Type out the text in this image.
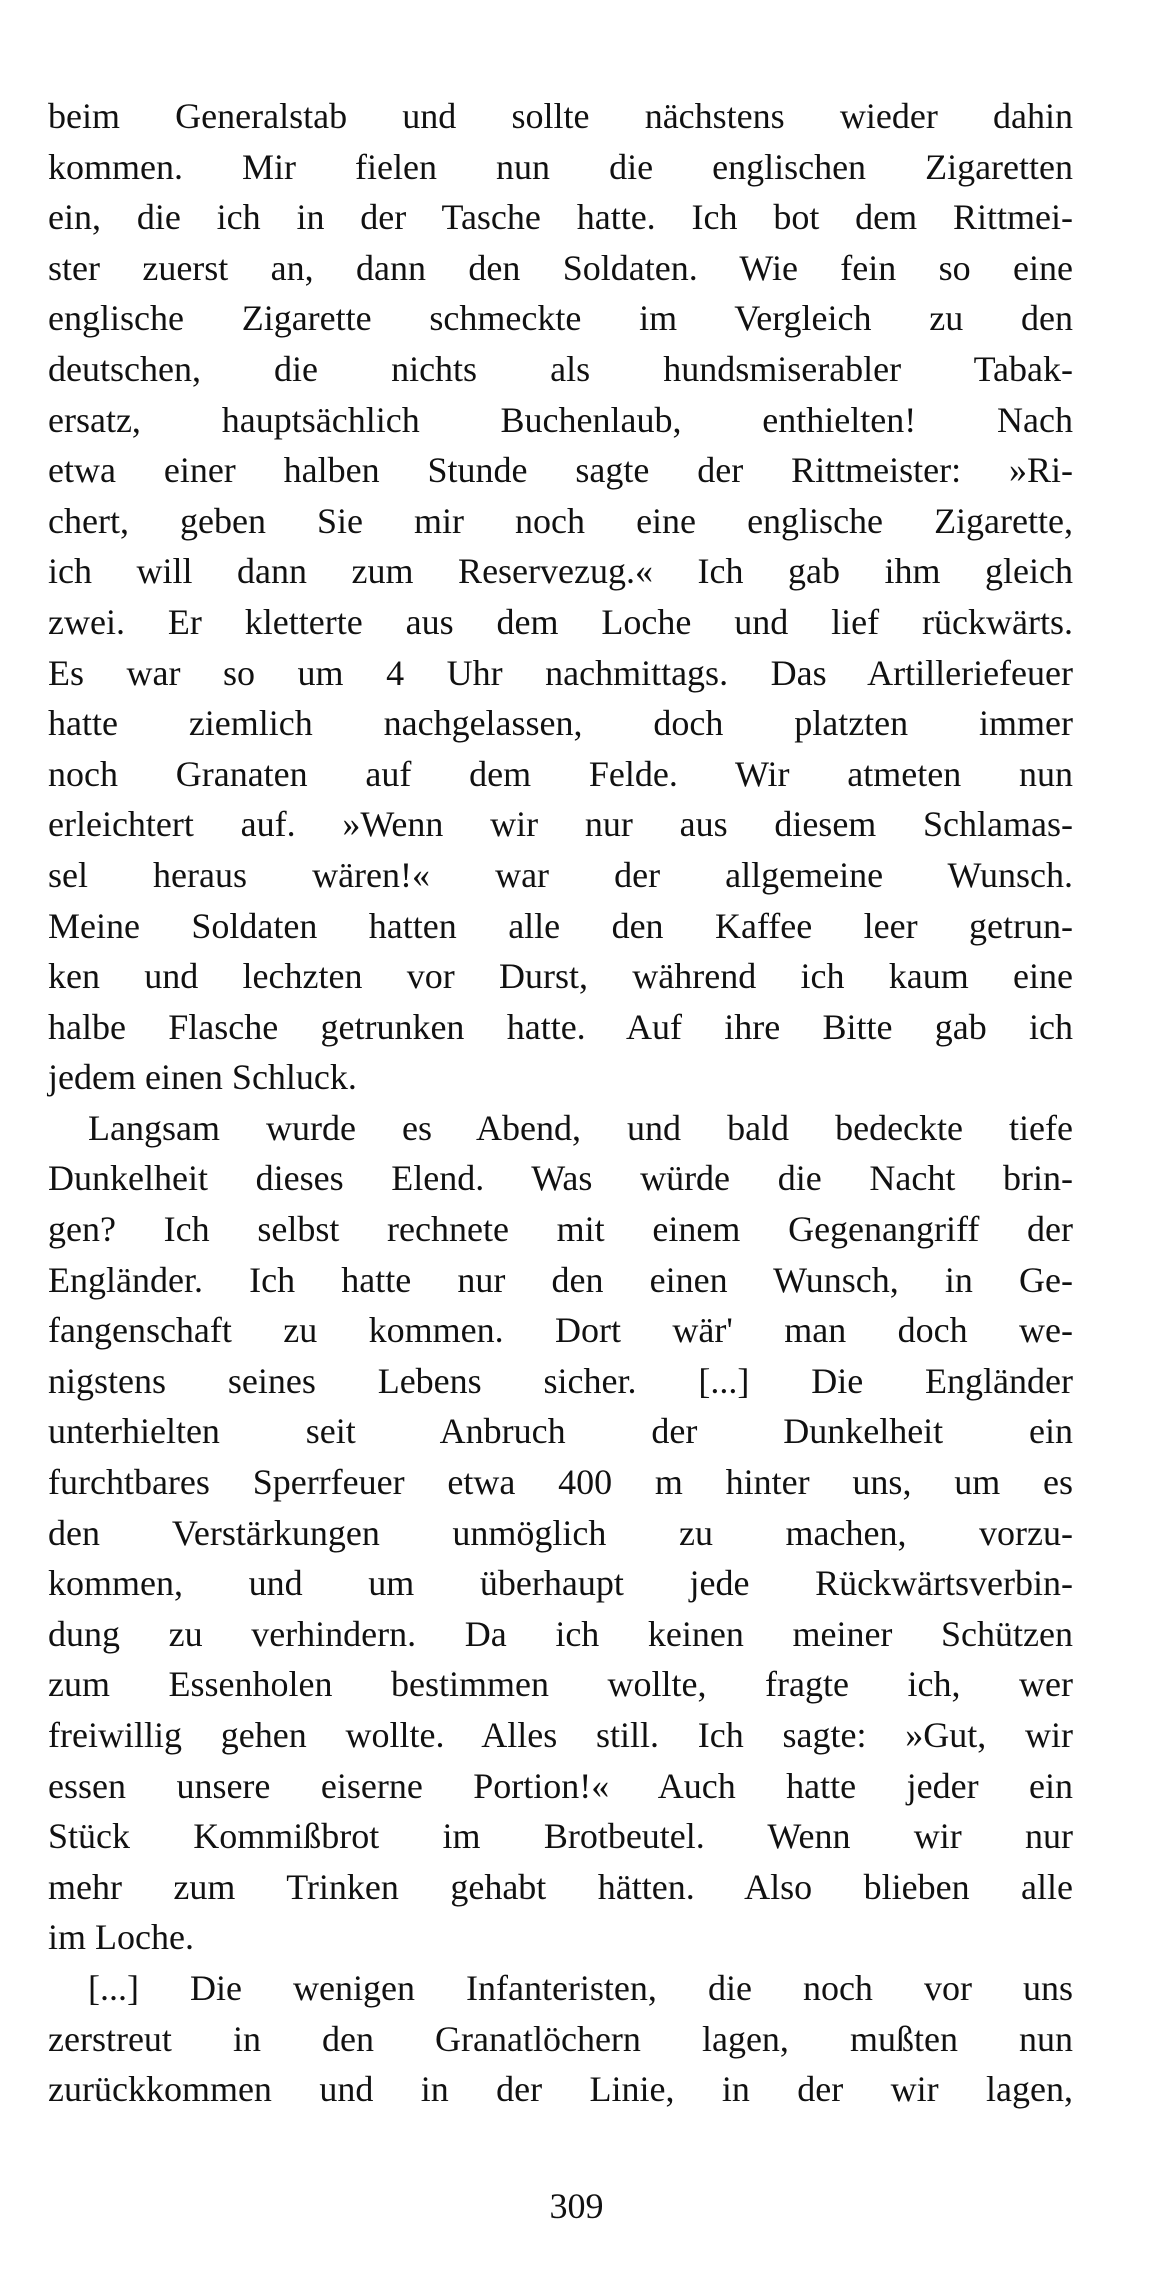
beim Generalstab und sollte nächstens wieder dahin
kommen. Mir fielen nun die englischen Zigaretten
ein, die ich in der Tasche hatte. Ich bot dem Rittmei-
ster zuerst an, dann den Soldaten. Wie fein so eine
englische Zigarette schmeckte im Vergleich zu den
deutschen, die nichts als hundsmiserabler Tabak-
ersatz, hauptsächlich Buchenlaub, enthielten! Nach
etwa einer halben Stunde sagte der Rittmeister: »Ri-
chert, geben Sie mir noch eine englische Zigarette,
ich will dann zum Reservezug.« Ich gab ihm gleich
zwei. Er kletterte aus dem Loche und lief rückwärts.
Es war so um 4 Uhr nachmittags. Das Artilleriefeuer
hatte ziemlich nachgelassen, doch platzten immer
noch Granaten auf dem Felde. Wir atmeten nun
erleichtert auf. »Wenn wir nur aus diesem Schlamas-
sel heraus wären!« war der allgemeine Wunsch.
Meine Soldaten hatten alle den Kaffee leer getrun-
ken und lechzten vor Durst, während ich kaum eine
halbe Flasche getrunken hatte. Auf ihre Bitte gab ich
jedem einen Schluck.
Langsam wurde es Abend, und bald bedeckte tiefe
Dunkelheit dieses Elend. Was würde die Nacht brin-
gen? Ich selbst rechnete mit einem Gegenangriff der
Engländer. Ich hatte nur den einen Wunsch, in Ge-
fangenschaft zu kommen. Dort wär' man doch we-
nigstens seines Lebens sicher. [...] Die Engländer
unterhielten seit Anbruch der Dunkelheit ein
furchtbares Sperrfeuer etwa 400 m hinter uns, um es
den Verstärkungen unmöglich zu machen, vorzu-
kommen, und um überhaupt jede Rückwärtsverbin-
dung zu verhindern. Da ich keinen meiner Schützen
zum Essenholen bestimmen wollte, fragte ich, wer
freiwillig gehen wollte. Alles still. Ich sagte: »Gut, wir
essen unsere eiserne Portion!« Auch hatte jeder ein
Stück Kommißbrot im Brotbeutel. Wenn wir nur
mehr zum Trinken gehabt hätten. Also blieben alle
im Loche.
[...] Die wenigen Infanteristen, die noch vor uns
zerstreut in den Granatlöchern lagen, mußten nun
zurückkommen und in der Linie, in der wir lagen,
309
